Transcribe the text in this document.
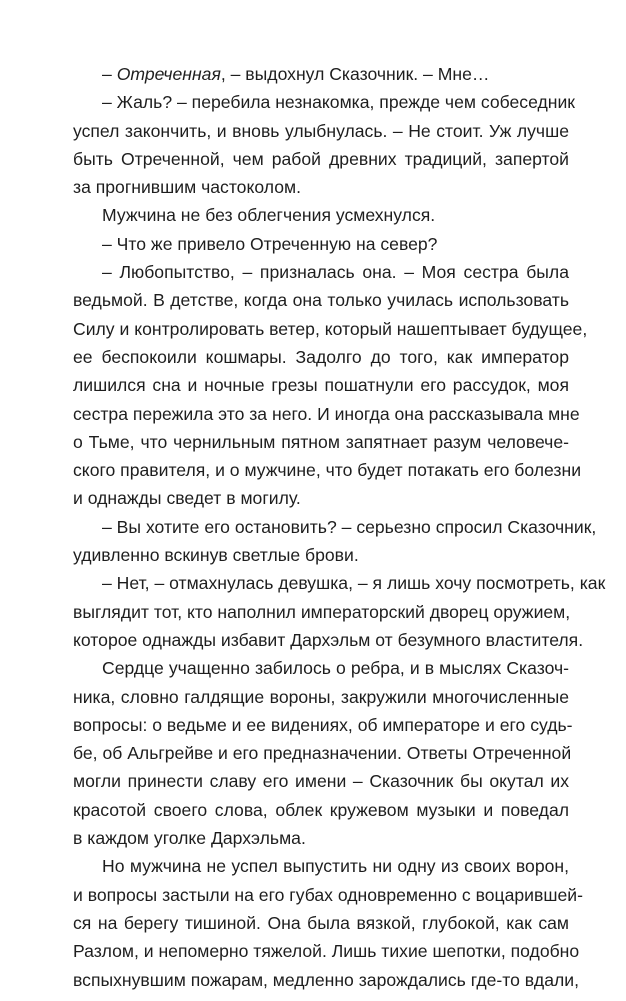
– Отреченная, – выдохнул Сказочник. – Мне…
– Жаль? – перебила незнакомка, прежде чем собеседник
успел закончить, и вновь улыбнулась. – Не стоит. Уж лучше
быть Отреченной, чем рабой древних традиций, запертой
за прогнившим частоколом.
Мужчина не без облегчения усмехнулся.
– Что же привело Отреченную на север?
– Любопытство, – призналась она. – Моя сестра была
ведьмой. В детстве, когда она только училась использовать
Силу и контролировать ветер, который нашептывает будущее,
ее беспокоили кошмары. Задолго до того, как император
лишился сна и ночные грезы пошатнули его рассудок, моя
сестра пережила это за него. И иногда она рассказывала мне
о Тьме, что чернильным пятном запятнает разум человече-
ского правителя, и о мужчине, что будет потакать его болезни
и однажды сведет в могилу.
– Вы хотите его остановить? – серьезно спросил Сказочник,
удивленно вскинув светлые брови.
– Нет, – отмахнулась девушка, – я лишь хочу посмотреть, как
выглядит тот, кто наполнил императорский дворец оружием,
которое однажды избавит Дархэльм от безумного властителя.
Сердце учащенно забилось о ребра, и в мыслях Сказоч-
ника, словно галдящие вороны, закружили многочисленные
вопросы: о ведьме и ее видениях, об императоре и его судь-
бе, об Альгрейве и его предназначении. Ответы Отреченной
могли принести славу его имени – Сказочник бы окутал их
красотой своего слова, облек кружевом музыки и поведал
в каждом уголке Дархэльма.
Но мужчина не успел выпустить ни одну из своих ворон,
и вопросы застыли на его губах одновременно с воцарившей-
ся на берегу тишиной. Она была вязкой, глубокой, как сам
Разлом, и непомерно тяжелой. Лишь тихие шепотки, подобно
вспыхнувшим пожарам, медленно зарождались где-то вдали,
